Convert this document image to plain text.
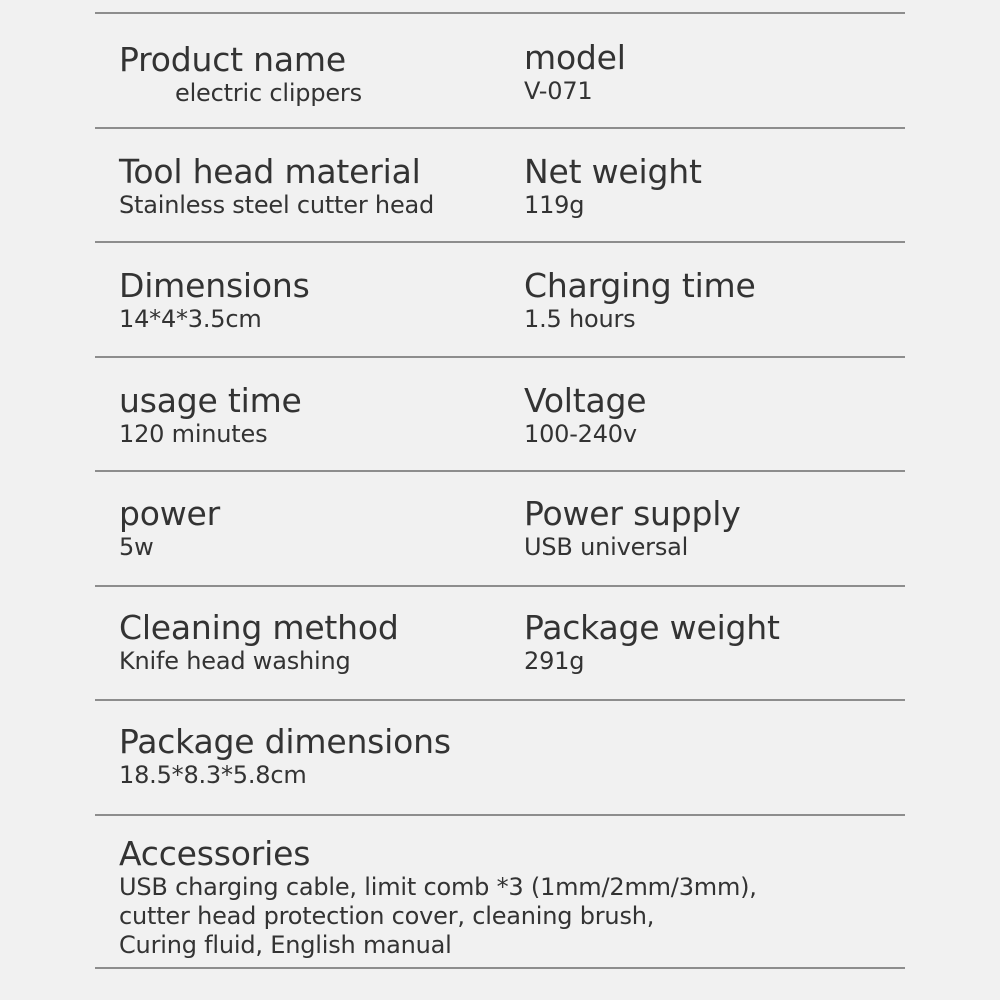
Product name
electric clippers
model
V-071
Tool head material
Stainless steel cutter head
Net weight
119g
Dimensions
14*4*3.5cm
Charging time
1.5 hours
usage time
120 minutes
Voltage
100-240v
power
5w
Power supply
USB universal
Cleaning method
Knife head washing
Package weight
291g
Package dimensions
18.5*8.3*5.8cm
Accessories
USB charging cable, limit comb *3 (1mm/2mm/3mm),
cutter head protection cover, cleaning brush,
Curing fluid, English manual
